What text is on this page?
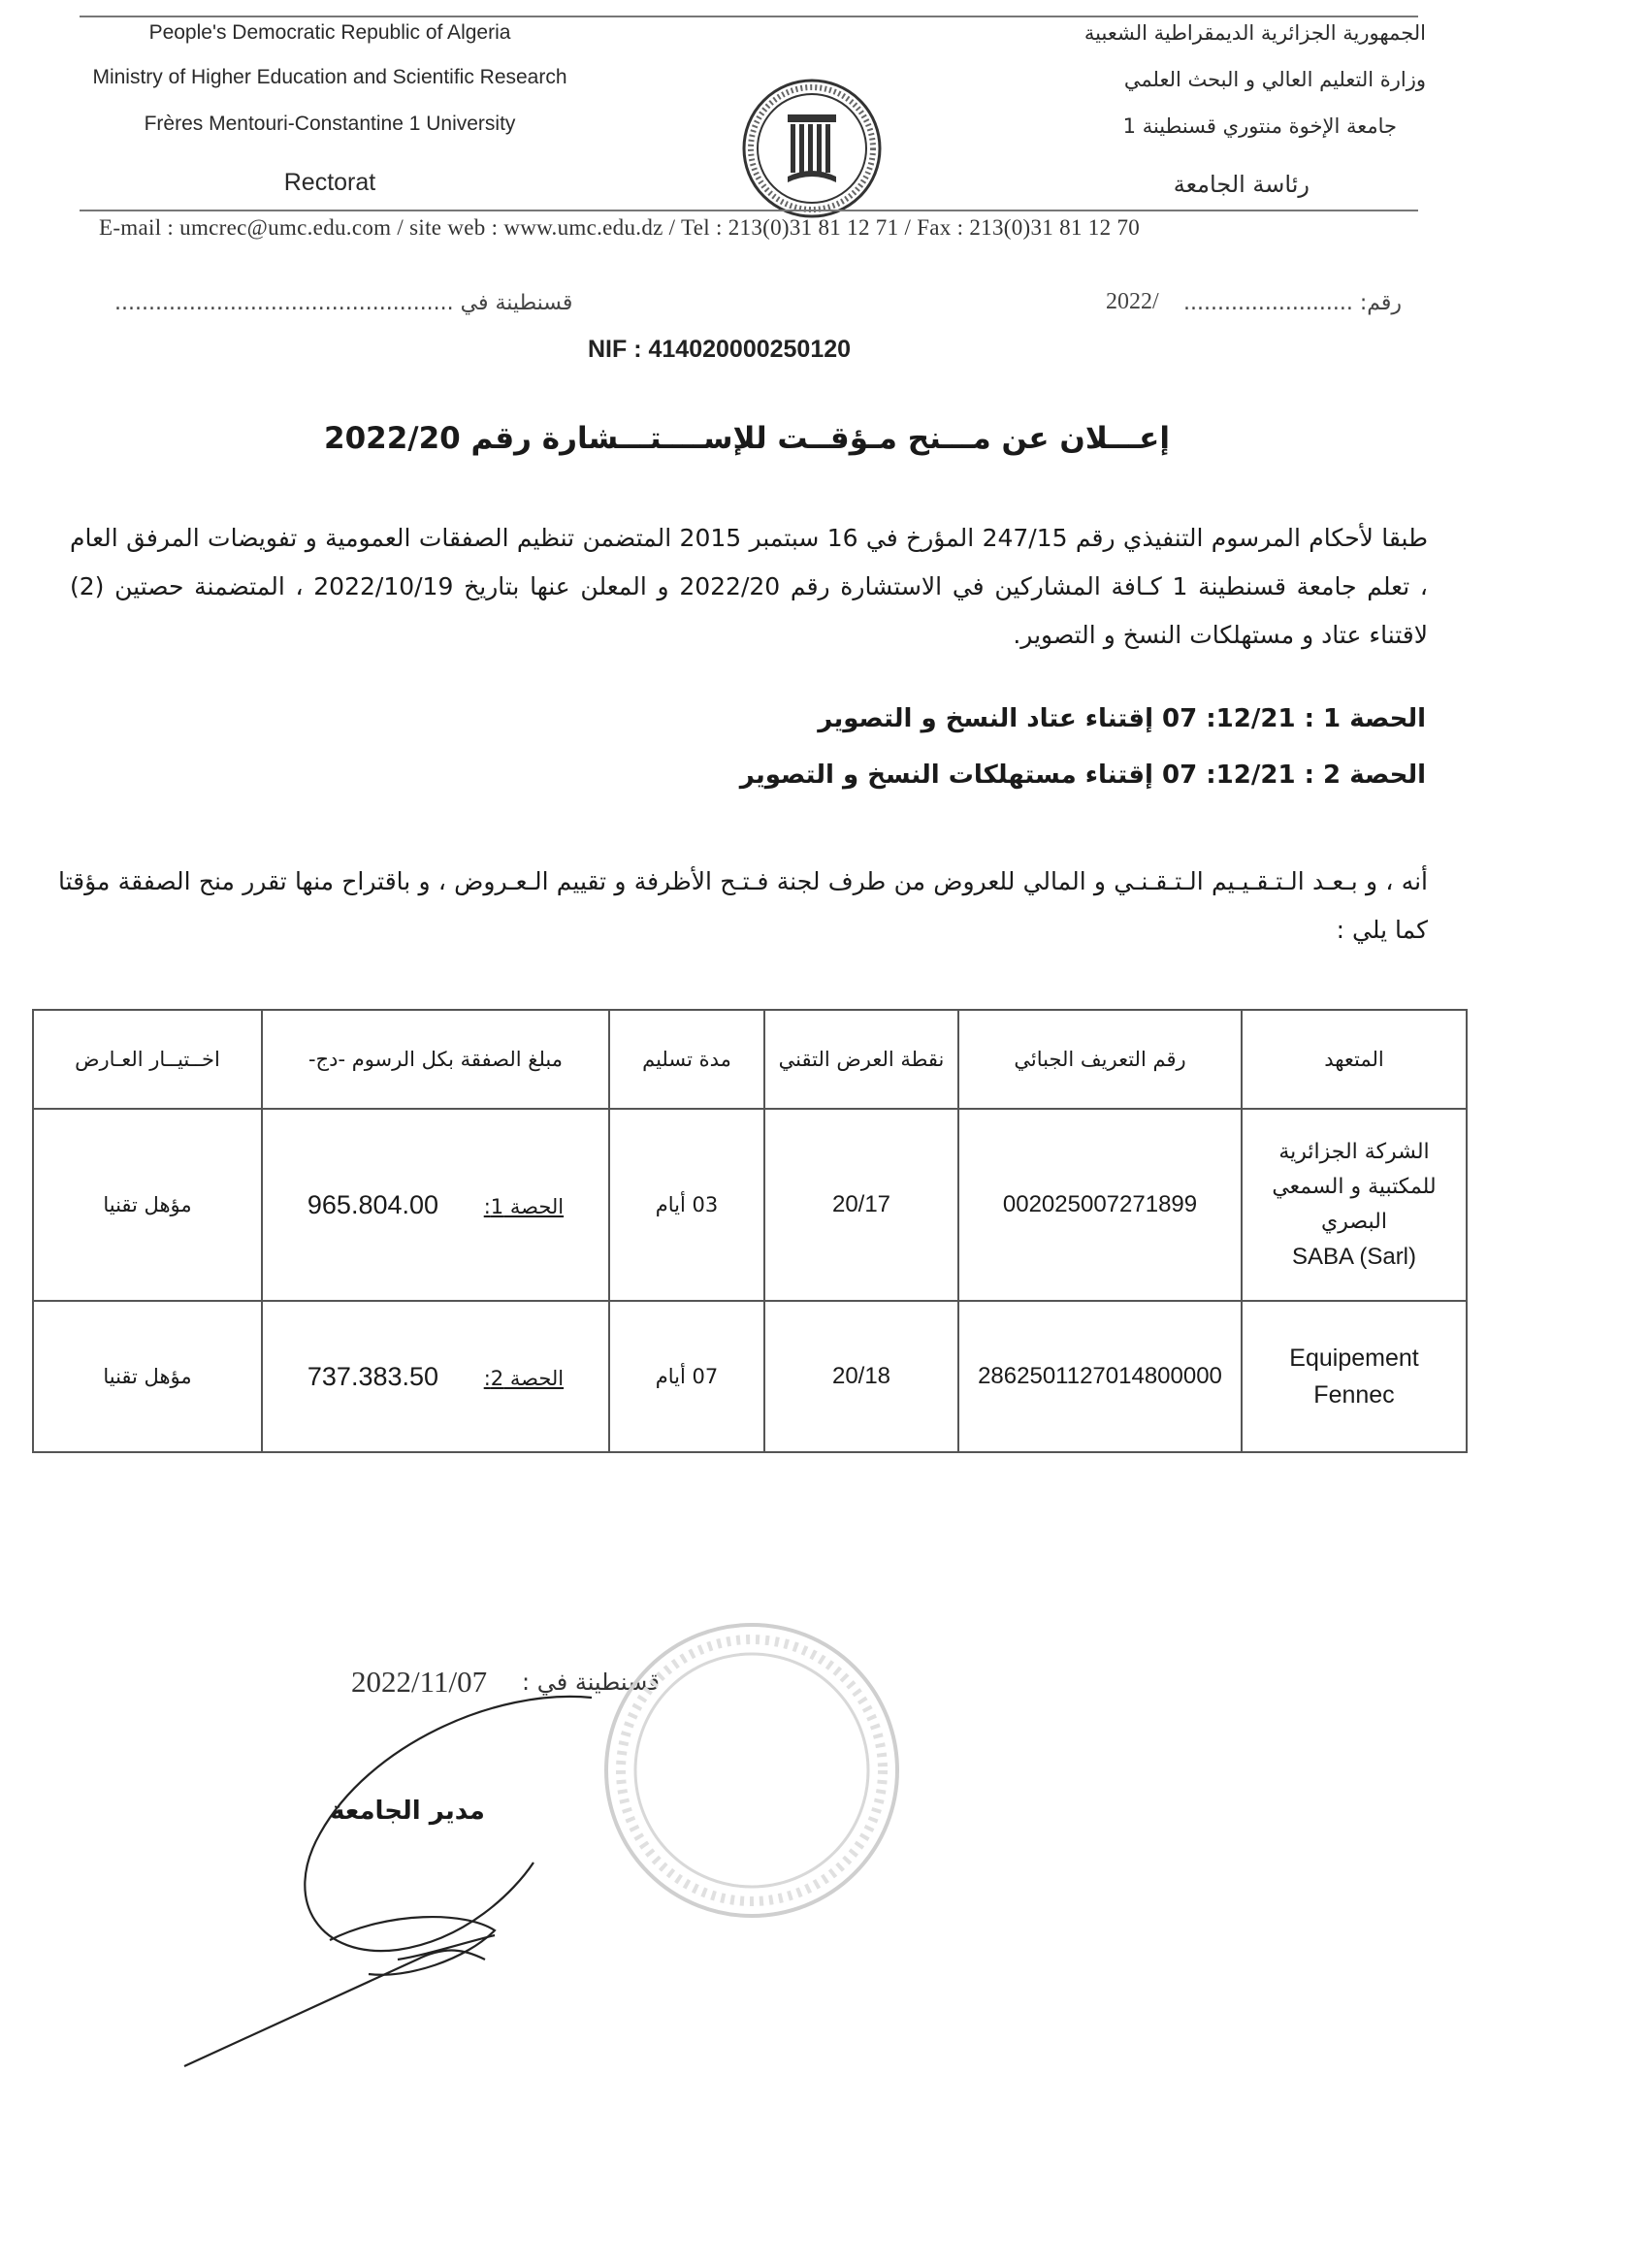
People's Democratic Republic of Algeria
Ministry of Higher Education and Scientific Research
Frères Mentouri-Constantine 1 University
Rectorat
الجمهورية الجزائرية الديمقراطية الشعبية
وزارة التعليم العالي و البحث العلمي
جامعة الإخوة منتوري قسنطينة 1
رئاسة الجامعة
E-mail : umcrec@umc.edu.com / site web : www.umc.edu.dz / Tel : 213(0)31 81 12 71 / Fax : 213(0)31 81 12 70
رقم: .........................
2022/
قسنطينة في ..................................................
NIF : 414020000250120
إعـــلان عن مـــنح مـؤقــت للإســــتـــشارة رقم 2022/20
طبقا لأحكام المرسوم التنفيذي رقم 247/15 المؤرخ في 16 سبتمبر 2015 المتضمن تنظيم الصفقات العمومية و تفويضات المرفق العام ، تعلم جامعة قسنطينة 1 كـافة المشاركين في الاستشارة رقم 2022/20 و المعلن عنها بتاريخ 2022/10/19 ، المتضمنة حصتين (2) لاقتناء عتاد و مستهلكات النسخ و التصوير.
الحصة 1 : 12/21: 07 إقتناء عتاد النسخ و التصوير
الحصة 2 : 12/21: 07 إقتناء مستهلكات النسخ و التصوير
أنه ، و بـعـد الـتـقـيـيم الـتـقـنـي و المالي للعروض من طرف لجنة فـتـح الأظرفة و تقييم الـعـروض ، و باقتراح منها تقرر منح الصفقة مؤقتا كما يلي :
المتعهد	رقم التعريف الجبائي	نقطة العرض التقني	مدة تسليم	مبلغ الصفقة بكل الرسوم -دج-	اخــتيــار العـارض

الشركة الجزائرية للمكتبية و السمعي البصري
SABA (Sarl)	002025007271899	20/17	03 أيام	الحصة 1: 965.804.00	مؤهل تقنيا

Equipement Fennec	2862501127014800000	20/18	07 أيام	الحصة 2: 737.383.50	مؤهل تقنيا
قسنطينة في :
2022/11/07
مدير الجامعة
